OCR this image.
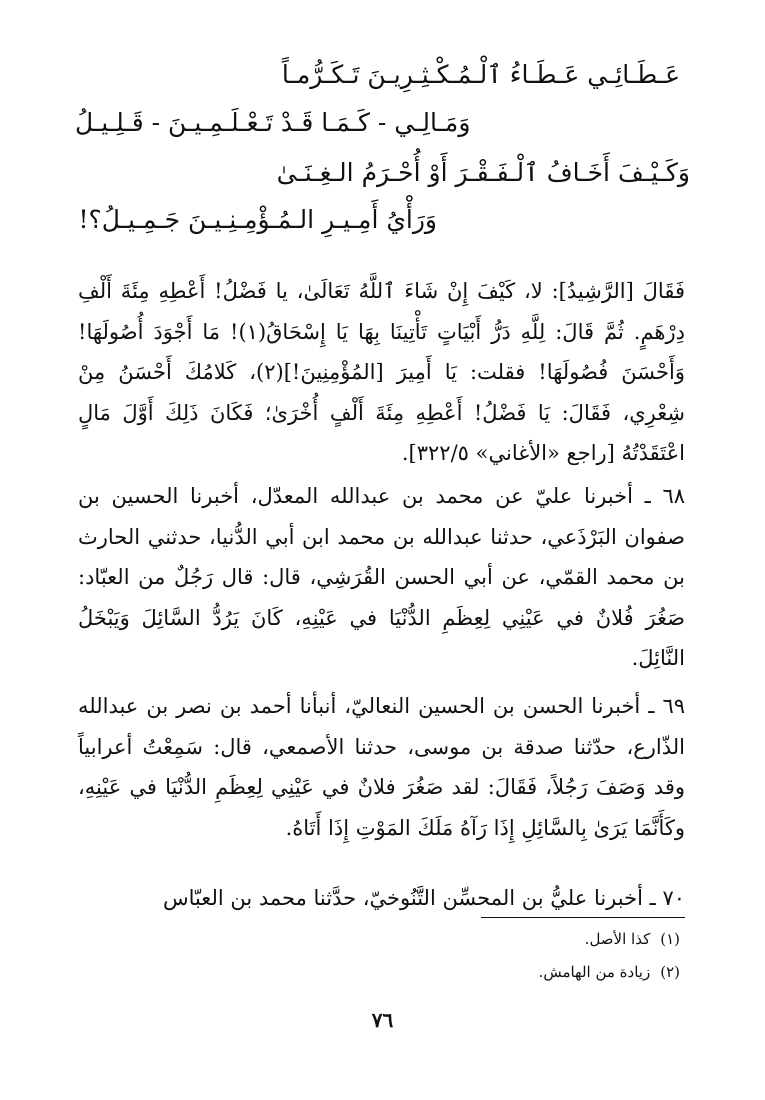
عَـطَـائِـي عَـطَـاءُ ٱلْـمُـكْـثِـرِيـنَ تَـكَـرُّمـاً
وَمَـالِـي - كَـمَـا قَـدْ تَـعْـلَـمِـيـنَ - قَـلِـيـلُ
وَكَـيْـفَ أَخَـافُ ٱلْـفَـقْـرَ أَوْ أُحْـرَمُ الـغِـنَـىٰ
وَرَأْيُ أَمِـيـرِ الـمُـؤْمِـنِـيـنَ جَـمِـيـلُ؟!

فَقَالَ [الرَّشِيدُ]: لا، كَيْفَ إِنْ شَاءَ ٱللَّهُ تَعَالَىٰ، يا فَضْلُ! أَعْطِهِ مِئَةَ أَلْفِ دِرْهَمٍ. ثُمَّ قَالَ: لِلَّهِ دَرُّ أَبْيَاتٍ تَأْتِينَا بِهَا يَا إِسْحَاقُ(١)! مَا أَجْوَدَ أُصُولَهَا! وَأَحْسَنَ فُصُولَهَا! فقلت: يَا أَمِيرَ [المُؤْمِنِينَ!](٢)، كَلامُكَ أَحْسَنُ مِنْ شِعْرِي، فَقَالَ: يَا فَضْلُ! أَعْطِهِ مِئَةَ أَلْفٍ أُخْرَىٰ؛ فَكَانَ ذَلِكَ أَوَّلَ مَالٍ اعْتَقَدْتُهُ [راجع «الأغاني» ٣٢٢/٥].

٦٨ ـ أخبرنا عليّ عن محمد بن عبدالله المعدّل، أخبرنا الحسين بن صفوان البَرْذَعي، حدثنا عبدالله بن محمد ابن أبي الدُّنيا، حدثني الحارث بن محمد القمّي، عن أبي الحسن القُرَشِي، قال: قال رَجُلٌ من العبّاد: صَغُرَ فُلانٌ في عَيْنِي لِعِظَمِ الدُّنْيَا في عَيْنِهِ، كَانَ يَرُدُّ السَّائِلَ وَيَبْخَلُ النَّائِلَ.

٦٩ ـ أخبرنا الحسن بن الحسين النعاليّ، أنبأنا أحمد بن نصر بن عبدالله الذّارع، حدّثنا صدقة بن موسى، حدثنا الأصمعي، قال: سَمِعْتُ أعرابياً وقد وَصَفَ رَجُلاً، فَقَالَ: لقد صَغُرَ فلانٌ في عَيْنِي لِعِظَمِ الدُّنْيَا في عَيْنِهِ، وكَأَنَّمَا يَرَىٰ بِالسَّائِلِ إِذَا رَآهُ مَلَكَ المَوْتِ إِذَا أَتَاهُ.

٧٠ ـ أخبرنا عليُّ بن المحسِّن التَّنُوخيّ، حدَّثنا محمد بن العبّاس

(١)كذا الأصل.
(٢)زيادة من الهامش.
٧٦
